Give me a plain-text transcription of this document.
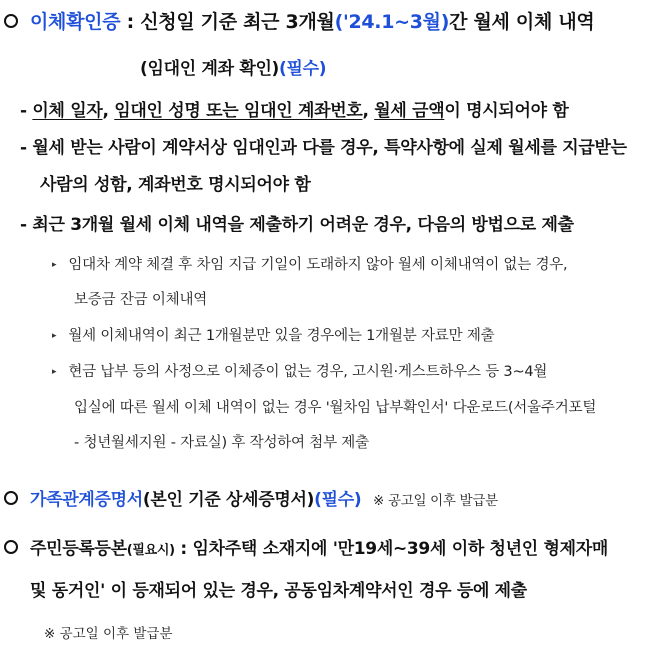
이체확인증 : 신청일 기준 최근 3개월('24.1~3월)간 월세 이체 내역
(임대인 계좌 확인)(필수)
- 이체 일자, 임대인 성명 또는 임대인 계좌번호, 월세 금액이 명시되어야 함
- 월세 받는 사람이 계약서상 임대인과 다를 경우, 특약사항에 실제 월세를 지급받는
사람의 성함, 계좌번호 명시되어야 함
- 최근 3개월 월세 이체 내역을 제출하기 어려운 경우, 다음의 방법으로 제출
▸ 임대차 계약 체결 후 차임 지급 기일이 도래하지 않아 월세 이체내역이 없는 경우,
보증금 잔금 이체내역
▸ 월세 이체내역이 최근 1개월분만 있을 경우에는 1개월분 자료만 제출
▸ 현금 납부 등의 사정으로 이체증이 없는 경우, 고시원·게스트하우스 등 3~4월
입실에 따른 월세 이체 내역이 없는 경우 '월차임 납부확인서' 다운로드(서울주거포털
- 청년월세지원 - 자료실) 후 작성하여 첨부 제출
가족관계증명서(본인 기준 상세증명서)(필수) ※ 공고일 이후 발급분
주민등록등본(필요시) : 임차주택 소재지에 '만19세~39세 이하 청년인 형제자매
및 동거인' 이 등재되어 있는 경우, 공동임차계약서인 경우 등에 제출
※ 공고일 이후 발급분
